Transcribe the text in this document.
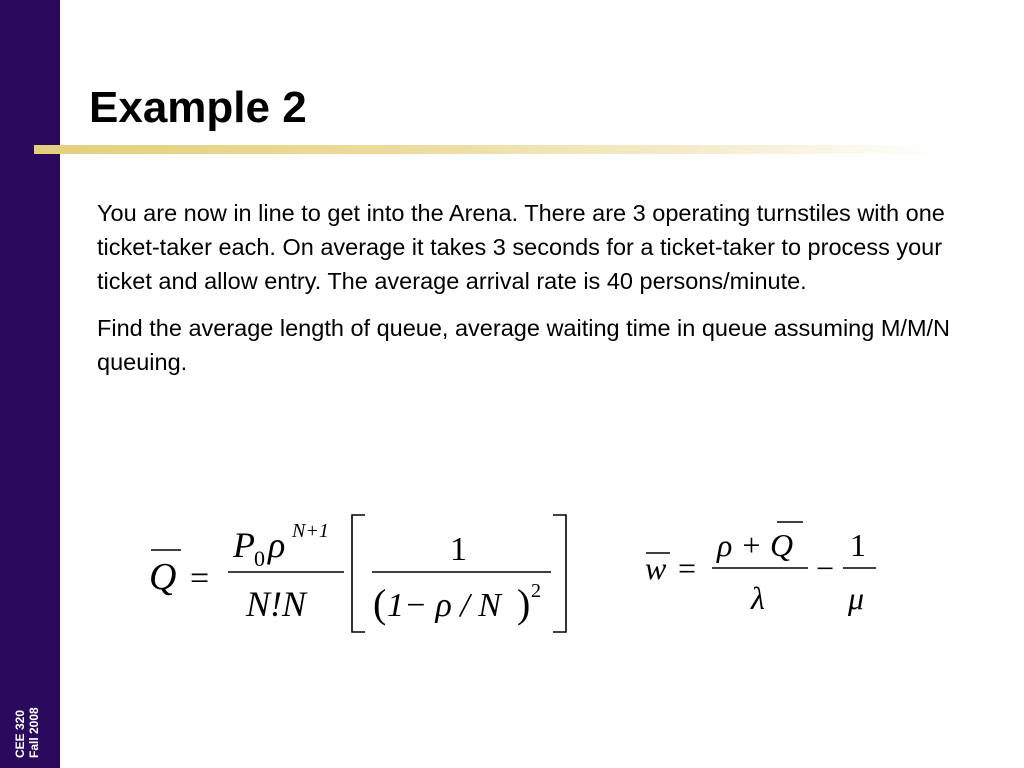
CEE 320 Fall 2008
Example 2

You are now in line to get into the Arena. There are 3 operating turnstiles with one ticket-taker each. On average it takes 3 seconds for a ticket-taker to process your ticket and allow entry. The average arrival rate is 40 persons/minute.

Find the average length of queue, average waiting time in queue assuming M/M/N queuing.

Q =
P 0 ρ N+1
N!N
1
( 1− ρ / N ) 2
w =
ρ + Q
λ
−
1
μ
